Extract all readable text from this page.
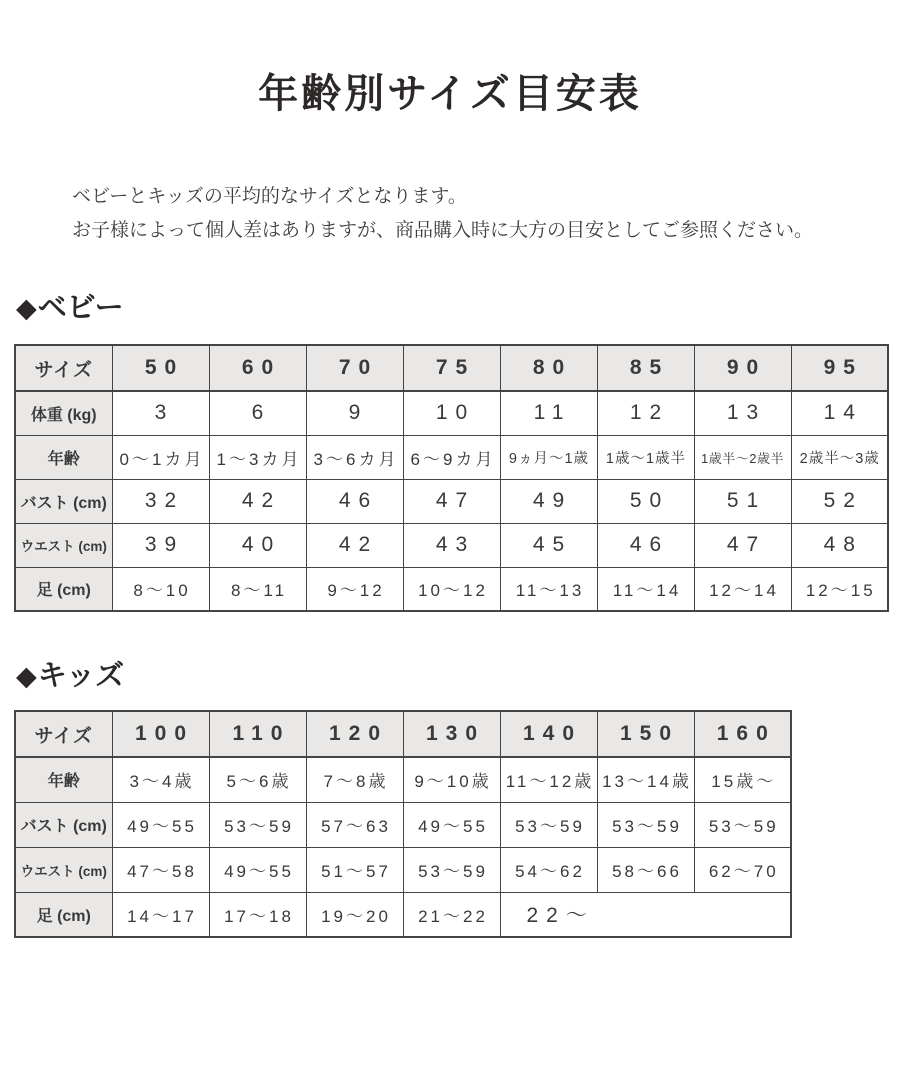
年齢別サイズ目安表
ベビーとキッズの平均的なサイズとなります。
お子様によって個人差はありますが、商品購入時に大方の目安としてご参照ください。
◆ベビー
サイズ	50	60	70	75	80	85	90	95
体重 (kg)	3	6	9	10	11	12	13	14
年齢	0〜1カ月	1〜3カ月	3〜6カ月	6〜9カ月	9ヵ月〜1歳	1歳〜1歳半	1歳半〜2歳半	2歳半〜3歳
バスト (cm)	32	42	46	47	49	50	51	52
ウエスト (cm)	39	40	42	43	45	46	47	48
足 (cm)	8〜10	8〜11	9〜12	10〜12	11〜13	11〜14	12〜14	12〜15
◆キッズ
サイズ	100	110	120	130	140	150	160
年齢	3〜4歳	5〜6歳	7〜8歳	9〜10歳	11〜12歳	13〜14歳	15歳〜
バスト (cm)	49〜55	53〜59	57〜63	49〜55	53〜59	53〜59	53〜59
ウエスト (cm)	47〜58	49〜55	51〜57	53〜59	54〜62	58〜66	62〜70
足 (cm)	14〜17	17〜18	19〜20	21〜22	22〜		
